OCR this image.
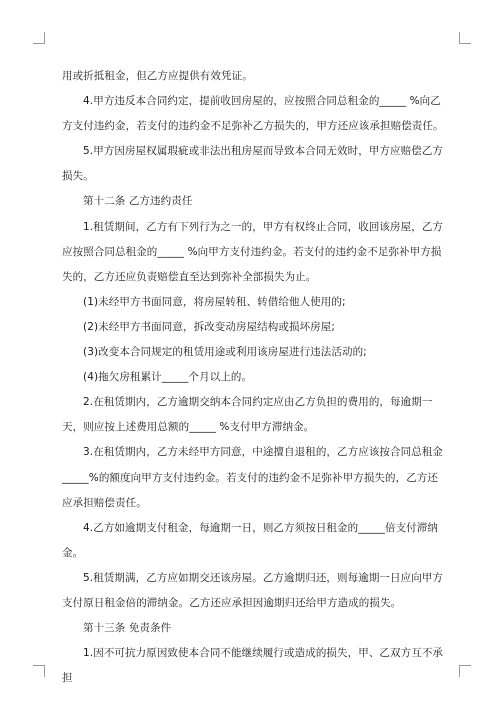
用或折抵租金，但乙方应提供有效凭证。

4.甲方违反本合同约定，提前收回房屋的，应按照合同总租金的_____ %向乙方支付违约金，若支付的违约金不足弥补乙方损失的，甲方还应该承担赔偿责任。

5.甲方因房屋权属瑕疵或非法出租房屋而导致本合同无效时，甲方应赔偿乙方损失。

第十二条 乙方违约责任

1.租赁期间，乙方有下列行为之一的，甲方有权终止合同，收回该房屋，乙方应按照合同总租金的_____ %向甲方支付违约金。若支付的违约金不足弥补甲方损失的，乙方还应负责赔偿直至达到弥补全部损失为止。

(1)未经甲方书面同意，将房屋转租、转借给他人使用的;

(2)未经甲方书面同意，拆改变动房屋结构或损坏房屋;

(3)改变本合同规定的租赁用途或利用该房屋进行违法活动的;

(4)拖欠房租累计_____个月以上的。

2.在租赁期内，乙方逾期交纳本合同约定应由乙方负担的费用的，每逾期一天，则应按上述费用总额的_____ %支付甲方滞纳金。

3.在租赁期内，乙方未经甲方同意，中途擅自退租的，乙方应该按合同总租金_____%的额度向甲方支付违约金。若支付的违约金不足弥补甲方损失的，乙方还应承担赔偿责任。

4.乙方如逾期支付租金，每逾期一日，则乙方须按日租金的_____倍支付滞纳金。

5.租赁期满，乙方应如期交还该房屋。乙方逾期归还，则每逾期一日应向甲方支付原日租金倍的滞纳金。乙方还应承担因逾期归还给甲方造成的损失。

第十三条 免责条件

1.因不可抗力原因致使本合同不能继续履行或造成的损失，甲、乙双方互不承担
